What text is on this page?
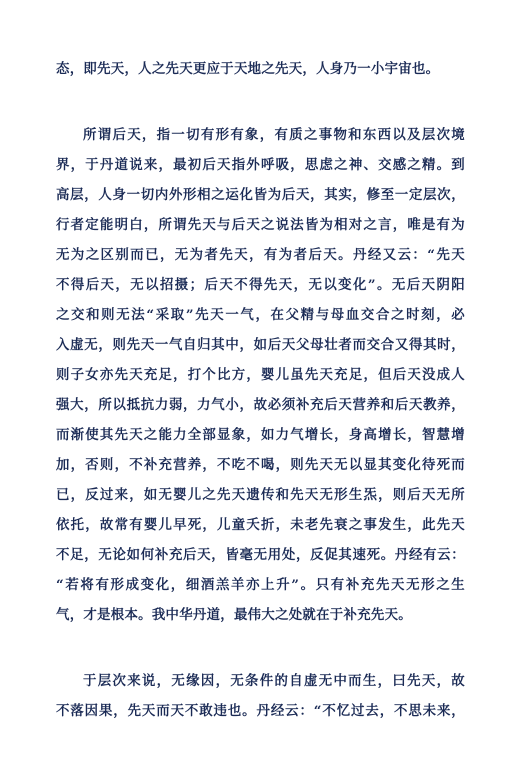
态，即先天，人之先天更应于天地之先天，人身乃一小宇宙也。
所谓后天，指一切有形有象，有质之事物和东西以及层次境
界，于丹道说来，最初后天指外呼吸，思虑之神、交感之精。到
高层，人身一切内外形相之运化皆为后天，其实，修至一定层次，
行者定能明白，所谓先天与后天之说法皆为相对之言，唯是有为
无为之区别而已，无为者先天，有为者后天。丹经又云：“先天
不得后天，无以招摄；后天不得先天，无以变化”。无后天阴阳
之交和则无法“采取”先天一气，在父精与母血交合之时刻，必
入虚无，则先天一气自归其中，如后天父母壮者而交合又得其时，
则子女亦先天充足，打个比方，婴儿虽先天充足，但后天没成人
强大，所以抵抗力弱，力气小，故必须补充后天营养和后天教养，
而渐使其先天之能力全部显象，如力气增长，身高增长，智慧增
加，否则，不补充营养，不吃不喝，则先天无以显其变化待死而
已，反过来，如无婴儿之先天遗传和先天无形生炁，则后天无所
依托，故常有婴儿早死，儿童夭折，未老先衰之事发生，此先天
不足，无论如何补充后天，皆毫无用处，反促其速死。丹经有云：
“若将有形成变化，细酒羔羊亦上升”。只有补充先天无形之生
气，才是根本。我中华丹道，最伟大之处就在于补充先天。
于层次来说，无缘因，无条件的自虚无中而生，曰先天，故
不落因果，先天而天不敢违也。丹经云：“不忆过去，不思未来，
